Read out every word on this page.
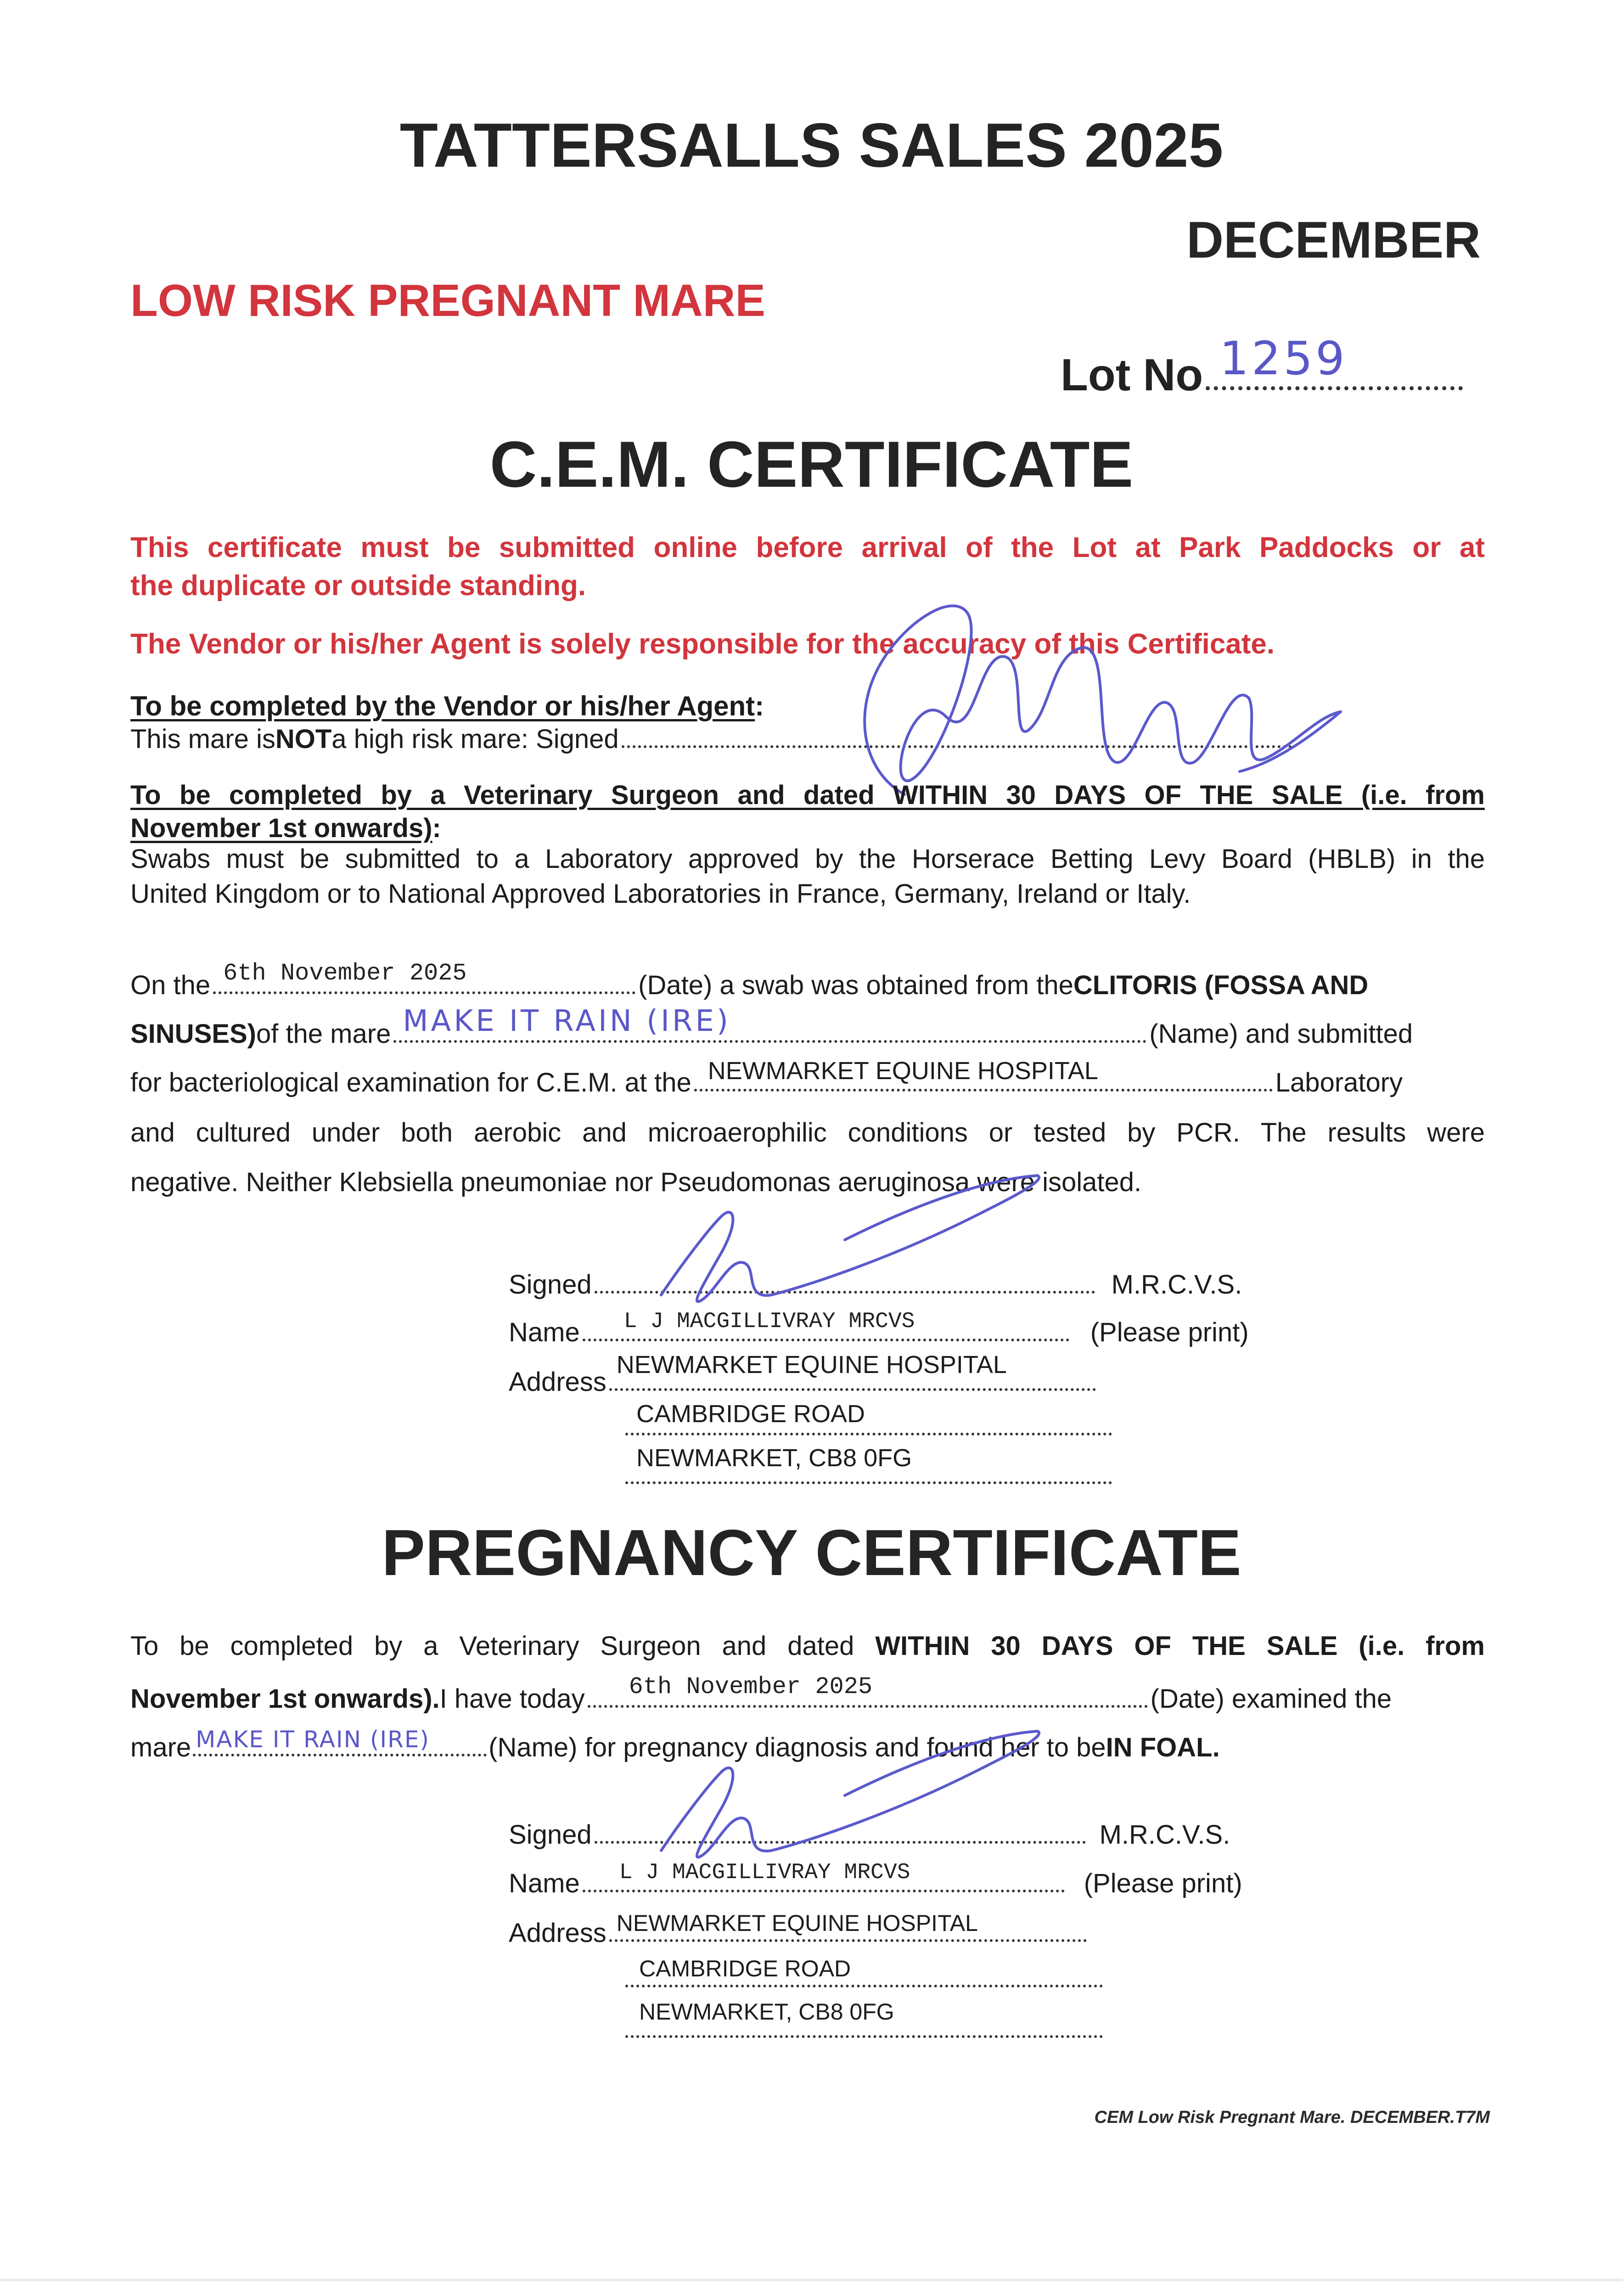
TATTERSALLS SALES 2025
DECEMBER
LOW RISK PREGNANT MARE
Lot No 1259
C.E.M. CERTIFICATE
This certificate must be submitted online before arrival of the Lot at Park Paddocks or at
the duplicate or outside standing.
The Vendor or his/her Agent is solely responsible for the accuracy of this Certificate.
To be completed by the Vendor or his/her Agent:
This mare is NOT a high risk mare: Signed
To be completed by a Veterinary Surgeon and dated WITHIN 30 DAYS OF THE SALE (i.e. from
November 1st onwards):
Swabs must be submitted to a Laboratory approved by the Horserace Betting Levy Board (HBLB) in the
United Kingdom or to National Approved Laboratories in France, Germany, Ireland or Italy.
On the 6th November 2025	(Date) a swab was obtained from the CLITORIS (FOSSA AND
SINUSES) of the mare MAKE IT RAIN (IRE)	(Name) and submitted
for bacteriological examination for C.E.M. at the NEWMARKET EQUINE HOSPITAL	Laboratory
and cultured under both aerobic and microaerophilic conditions or tested by PCR. The results were
negative. Neither Klebsiella pneumoniae nor Pseudomonas aeruginosa were isolated.
Signed	M.R.C.V.S.
Name L J MACGILLIVRAY MRCVS	(Please print)
Address
NEWMARKET EQUINE HOSPITAL
CAMBRIDGE ROAD
NEWMARKET, CB8 0FG
PREGNANCY CERTIFICATE
To be completed by a Veterinary Surgeon and dated WITHIN 30 DAYS OF THE SALE (i.e. from
November 1st onwards). I have today 6th November 2025	(Date) examined the
mare MAKE IT RAIN (IRE) (Name) for pregnancy diagnosis and found her to be IN FOAL.
Signed	M.R.C.V.S.
Name L J MACGILLIVRAY MRCVS	(Please print)
Address NEWMARKET EQUINE HOSPITAL
CAMBRIDGE ROAD
NEWMARKET, CB8 0FG
CEM Low Risk Pregnant Mare. DECEMBER.T7M
